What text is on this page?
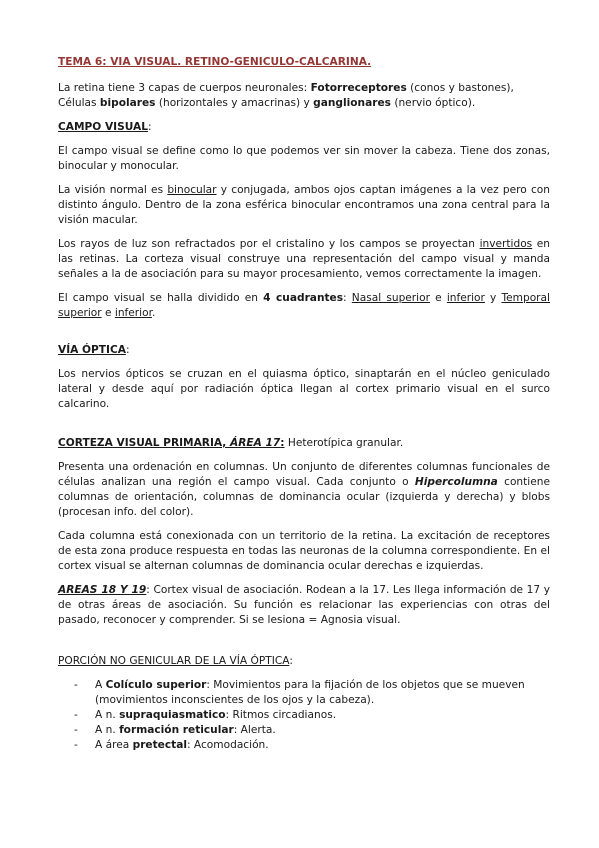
TEMA 6: VIA VISUAL. RETINO-GENICULO-CALCARINA.

La retina tiene 3 capas de cuerpos neuronales: Fotorreceptores (conos y bastones), Células bipolares (horizontales y amacrinas) y ganglionares (nervio óptico).

CAMPO VISUAL:

El campo visual se define como lo que podemos ver sin mover la cabeza. Tiene dos zonas, binocular y monocular.

La visión normal es binocular y conjugada, ambos ojos captan imágenes a la vez pero con distinto ángulo. Dentro de la zona esférica binocular encontramos una zona central para la visión macular.

Los rayos de luz son refractados por el cristalino y los campos se proyectan invertidos en las retinas. La corteza visual construye una representación del campo visual y manda señales a la de asociación para su mayor procesamiento, vemos correctamente la imagen.

El campo visual se halla dividido en 4 cuadrantes: Nasal superior e inferior y Temporal superior e inferior.

VÍA ÓPTICA:

Los nervios ópticos se cruzan en el quiasma óptico, sinaptarán en el núcleo geniculado lateral y desde aquí por radiación óptica llegan al cortex primario visual en el surco calcarino.

CORTEZA VISUAL PRIMARIA, ÁREA 17: Heterotípica granular.

Presenta una ordenación en columnas. Un conjunto de diferentes columnas funcionales de células analizan una región el campo visual. Cada conjunto o Hipercolumna contiene columnas de orientación, columnas de dominancia ocular (izquierda y derecha) y blobs (procesan info. del color).

Cada columna está conexionada con un territorio de la retina. La excitación de receptores de esta zona produce respuesta en todas las neuronas de la columna correspondiente. En el cortex visual se alternan columnas de dominancia ocular derechas e izquierdas.

AREAS 18 Y 19: Cortex visual de asociación. Rodean a la 17. Les llega información de 17 y de otras áreas de asociación. Su función es relacionar las experiencias con otras del pasado, reconocer y comprender. Si se lesiona = Agnosia visual.

PORCIÓN NO GENICULAR DE LA VÍA ÓPTICA:

- A Colículo superior: Movimientos para la fijación de los objetos que se mueven (movimientos inconscientes de los ojos y la cabeza).
- A n. supraquiasmatico: Ritmos circadianos.
- A n. formación reticular: Alerta.
- A área pretectal: Acomodación.
